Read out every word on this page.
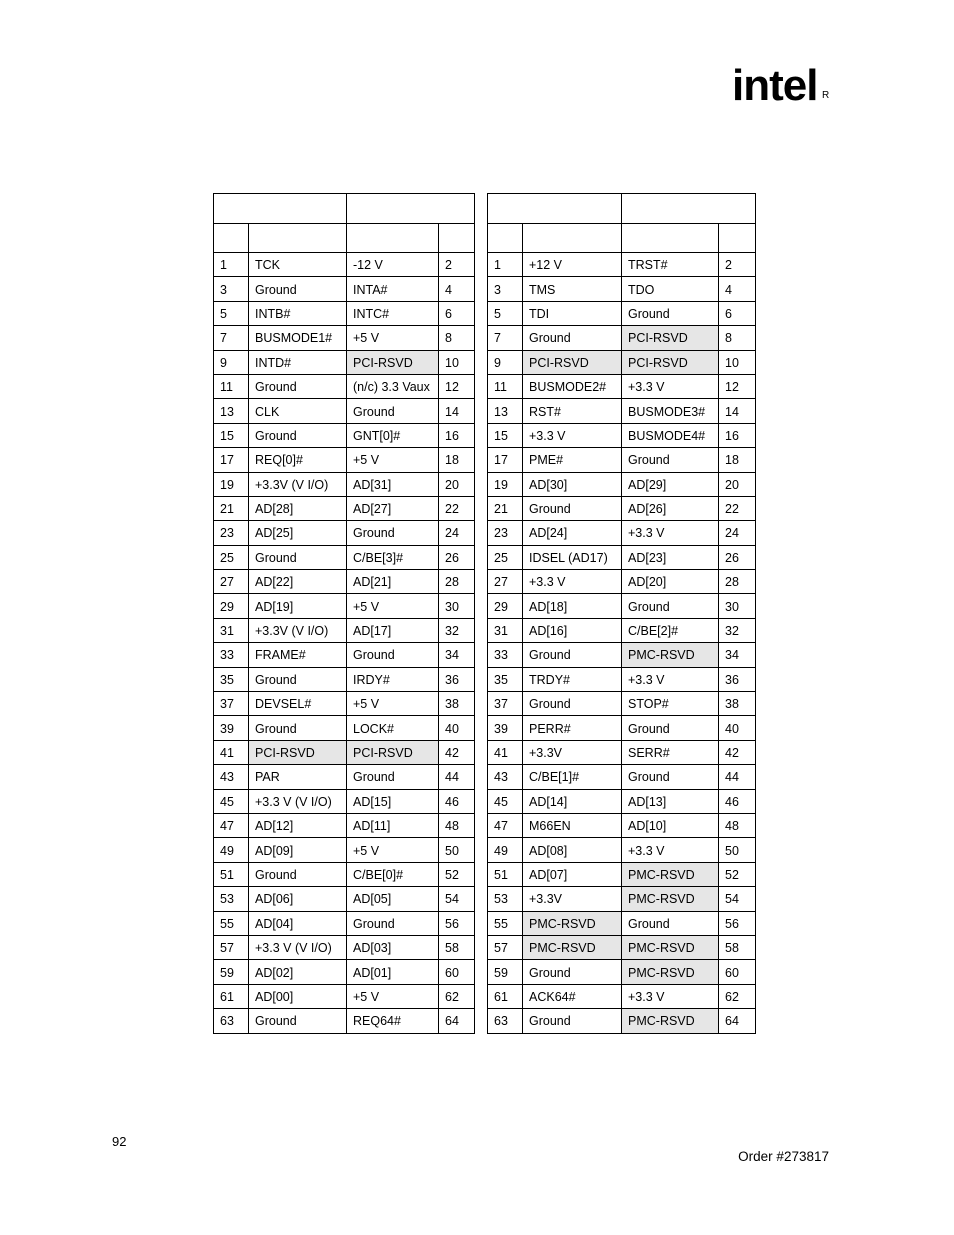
intel R

1	TCK	-12 V	2
3	Ground	INTA#	4
5	INTB#	INTC#	6
7	BUSMODE1#	+5 V	8
9	INTD#	PCI-RSVD	10
11	Ground	(n/c) 3.3 Vaux	12
13	CLK	Ground	14
15	Ground	GNT[0]#	16
17	REQ[0]#	+5 V	18
19	+3.3V (V I/O)	AD[31]	20
21	AD[28]	AD[27]	22
23	AD[25]	Ground	24
25	Ground	C/BE[3]#	26
27	AD[22]	AD[21]	28
29	AD[19]	+5 V	30
31	+3.3V (V I/O)	AD[17]	32
33	FRAME#	Ground	34
35	Ground	IRDY#	36
37	DEVSEL#	+5 V	38
39	Ground	LOCK#	40
41	PCI-RSVD	PCI-RSVD	42
43	PAR	Ground	44
45	+3.3 V (V I/O)	AD[15]	46
47	AD[12]	AD[11]	48
49	AD[09]	+5 V	50
51	Ground	C/BE[0]#	52
53	AD[06]	AD[05]	54
55	AD[04]	Ground	56
57	+3.3 V (V I/O)	AD[03]	58
59	AD[02]	AD[01]	60
61	AD[00]	+5 V	62
63	Ground	REQ64#	64

1	+12 V	TRST#	2
3	TMS	TDO	4
5	TDI	Ground	6
7	Ground	PCI-RSVD	8
9	PCI-RSVD	PCI-RSVD	10
11	BUSMODE2#	+3.3 V	12
13	RST#	BUSMODE3#	14
15	+3.3 V	BUSMODE4#	16
17	PME#	Ground	18
19	AD[30]	AD[29]	20
21	Ground	AD[26]	22
23	AD[24]	+3.3 V	24
25	IDSEL (AD17)	AD[23]	26
27	+3.3 V	AD[20]	28
29	AD[18]	Ground	30
31	AD[16]	C/BE[2]#	32
33	Ground	PMC-RSVD	34
35	TRDY#	+3.3 V	36
37	Ground	STOP#	38
39	PERR#	Ground	40
41	+3.3V	SERR#	42
43	C/BE[1]#	Ground	44
45	AD[14]	AD[13]	46
47	M66EN	AD[10]	48
49	AD[08]	+3.3 V	50
51	AD[07]	PMC-RSVD	52
53	+3.3V	PMC-RSVD	54
55	PMC-RSVD	Ground	56
57	PMC-RSVD	PMC-RSVD	58
59	Ground	PMC-RSVD	60
61	ACK64#	+3.3 V	62
63	Ground	PMC-RSVD	64
92
Order #273817
